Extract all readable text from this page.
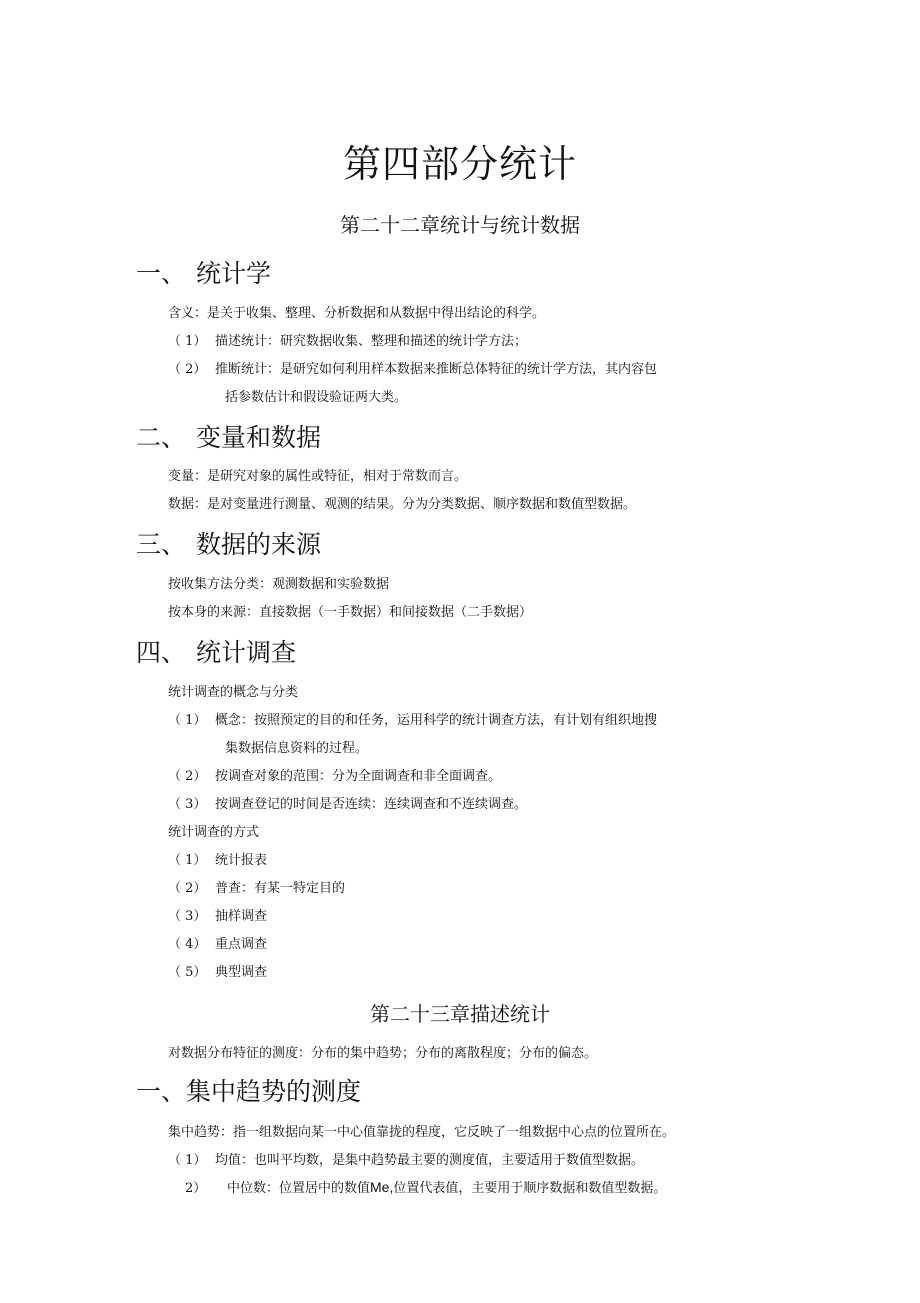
第四部分统计
第二十二章统计与统计数据
一、 统计学
含义：是关于收集、整理、分析数据和从数据中得出结论的科学。
（ 1） 描述统计：研究数据收集、整理和描述的统计学方法；
（ 2） 推断统计：是研究如何利用样本数据来推断总体特征的统计学方法，其内容包
括参数估计和假设验证两大类。
二、 变量和数据
变量：是研究对象的属性或特征，相对于常数而言。
数据：是对变量进行测量、观测的结果。分为分类数据、顺序数据和数值型数据。
三、 数据的来源
按收集方法分类：观测数据和实验数据
按本身的来源：直接数据（一手数据）和间接数据（二手数据）
四、 统计调查
统计调查的概念与分类
（ 1） 概念：按照预定的目的和任务，运用科学的统计调查方法，有计划有组织地搜
集数据信息资料的过程。
（ 2） 按调查对象的范围：分为全面调查和非全面调查。
（ 3） 按调查登记的时间是否连续：连续调查和不连续调查。
统计调查的方式
（ 1） 统计报表
（ 2） 普查：有某一特定目的
（ 3） 抽样调查
（ 4） 重点调查
（ 5） 典型调查
第二十三章描述统计
对数据分布特征的测度：分布的集中趋势；分布的离散程度；分布的偏态。
一、集中趋势的测度
集中趋势：指一组数据向某一中心值靠拢的程度，它反映了一组数据中心点的位置所在。
（ 1） 均值：也叫平均数，是集中趋势最主要的测度值，主要适用于数值型数据。
2） 中位数：位置居中的数值Me,位置代表值，主要用于顺序数据和数值型数据。
